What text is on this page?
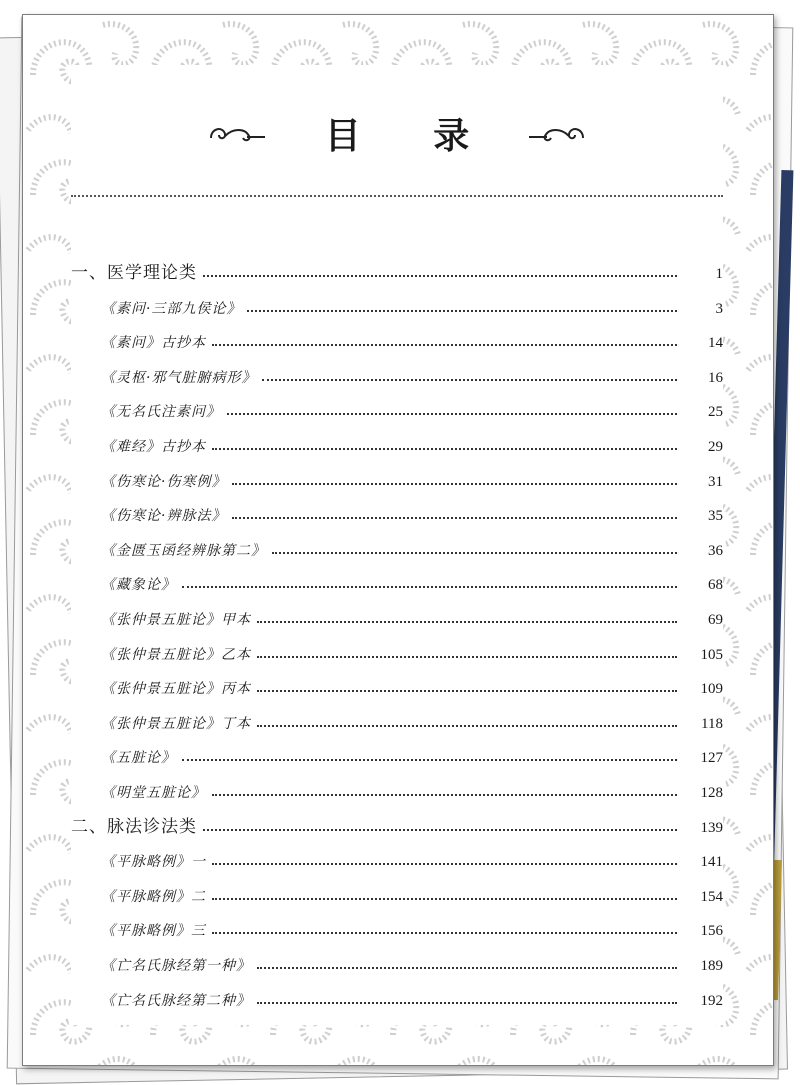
目 录
一、医学理论类	1
《素问·三部九侯论》	3
《素问》古抄本	14
《灵枢·邪气脏腑病形》	16
《无名氏注素问》	25
《难经》古抄本	29
《伤寒论·伤寒例》	31
《伤寒论·辨脉法》	35
《金匮玉函经辨脉第二》	36
《藏象论》	68
《张仲景五脏论》甲本	69
《张仲景五脏论》乙本	105
《张仲景五脏论》丙本	109
《张仲景五脏论》丁本	118
《五脏论》	127
《明堂五脏论》	128
二、脉法诊法类	139
《平脉略例》一	141
《平脉略例》二	154
《平脉略例》三	156
《亡名氏脉经第一种》	189
《亡名氏脉经第二种》	192
